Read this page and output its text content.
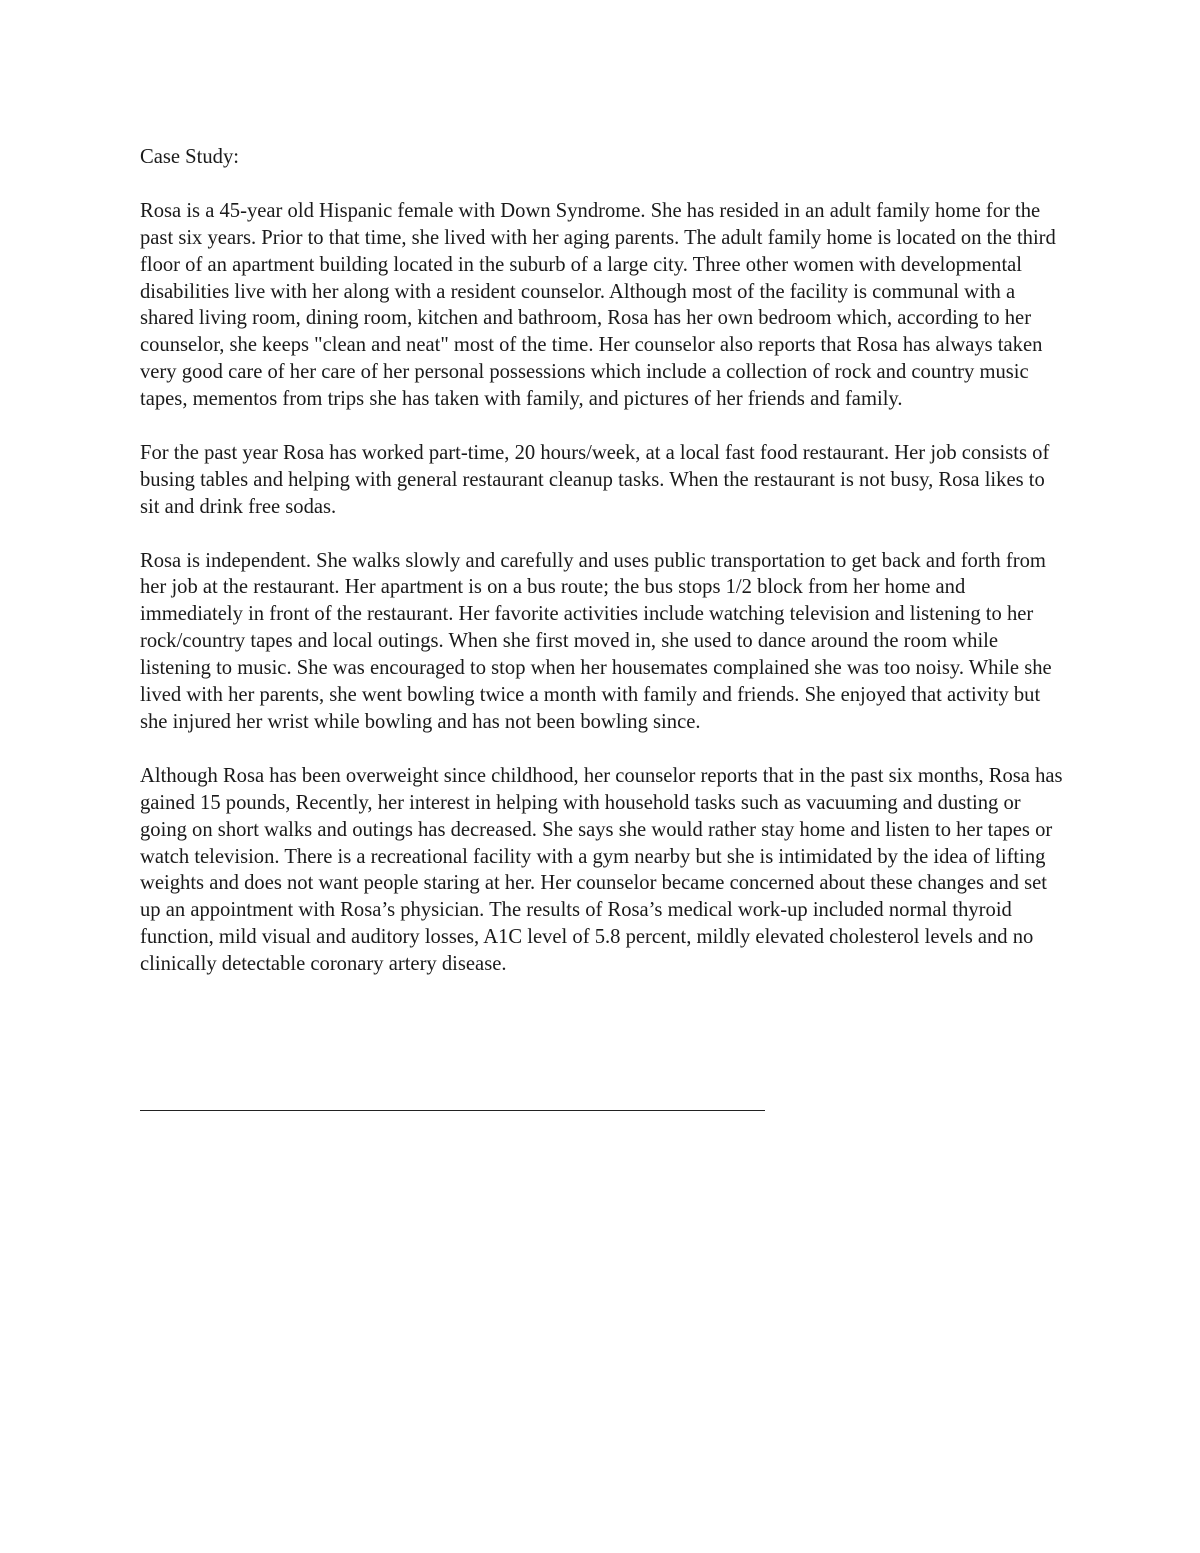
Case Study:

Rosa is a 45-year old Hispanic female with Down Syndrome. She has resided in an adult family home for the past six years. Prior to that time, she lived with her aging parents. The adult family home is located on the third floor of an apartment building located in the suburb of a large city. Three other women with developmental disabilities live with her along with a resident counselor. Although most of the facility is communal with a shared living room, dining room, kitchen and bathroom, Rosa has her own bedroom which, according to her counselor, she keeps "clean and neat" most of the time. Her counselor also reports that Rosa has always taken very good care of her care of her personal possessions which include a collection of rock and country music tapes, mementos from trips she has taken with family, and pictures of her friends and family.

For the past year Rosa has worked part-time, 20 hours/week, at a local fast food restaurant. Her job consists of busing tables and helping with general restaurant cleanup tasks. When the restaurant is not busy, Rosa likes to sit and drink free sodas.

Rosa is independent. She walks slowly and carefully and uses public transportation to get back and forth from her job at the restaurant. Her apartment is on a bus route; the bus stops 1/2 block from her home and immediately in front of the restaurant. Her favorite activities include watching television and listening to her rock/country tapes and local outings. When she first moved in, she used to dance around the room while listening to music. She was encouraged to stop when her housemates complained she was too noisy. While she lived with her parents, she went bowling twice a month with family and friends. She enjoyed that activity but she injured her wrist while bowling and has not been bowling since.

Although Rosa has been overweight since childhood, her counselor reports that in the past six months, Rosa has gained 15 pounds, Recently, her interest in helping with household tasks such as vacuuming and dusting or going on short walks and outings has decreased. She says she would rather stay home and listen to her tapes or watch television. There is a recreational facility with a gym nearby but she is intimidated by the idea of lifting weights and does not want people staring at her. Her counselor became concerned about these changes and set up an appointment with Rosa’s physician. The results of Rosa’s medical work-up included normal thyroid function, mild visual and auditory losses, A1C level of 5.8 percent, mildly elevated cholesterol levels and no clinically detectable coronary artery disease.
